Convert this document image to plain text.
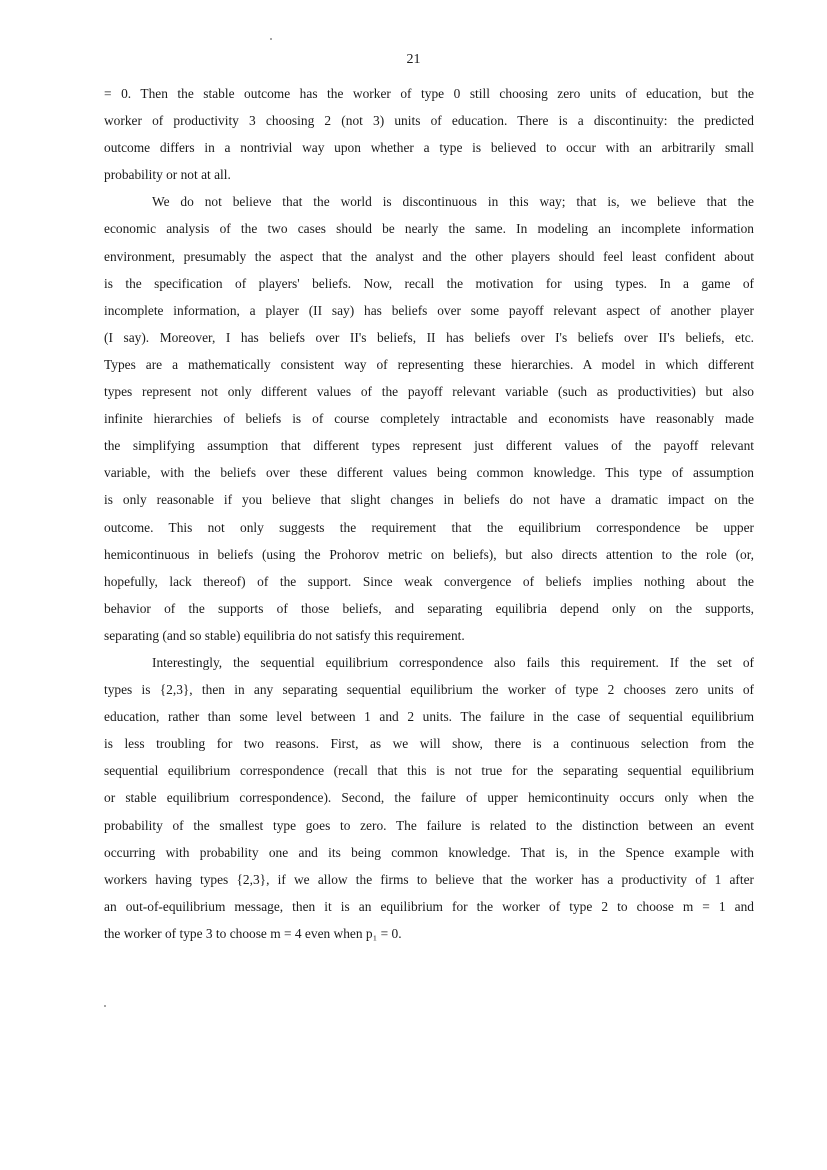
21
= 0. Then the stable outcome has the worker of type 0 still choosing zero units of education, but the
worker of productivity 3 choosing 2 (not 3) units of education. There is a discontinuity: the predicted
outcome differs in a nontrivial way upon whether a type is believed to occur with an arbitrarily small
probability or not at all.
We do not believe that the world is discontinuous in this way; that is, we believe that the
economic analysis of the two cases should be nearly the same. In modeling an incomplete information
environment, presumably the aspect that the analyst and the other players should feel least confident about
is the specification of players' beliefs. Now, recall the motivation for using types. In a game of
incomplete information, a player (II say) has beliefs over some payoff relevant aspect of another player
(I say). Moreover, I has beliefs over II's beliefs, II has beliefs over I's beliefs over II's beliefs, etc.
Types are a mathematically consistent way of representing these hierarchies. A model in which different
types represent not only different values of the payoff relevant variable (such as productivities) but also
infinite hierarchies of beliefs is of course completely intractable and economists have reasonably made
the simplifying assumption that different types represent just different values of the payoff relevant
variable, with the beliefs over these different values being common knowledge. This type of assumption
is only reasonable if you believe that slight changes in beliefs do not have a dramatic impact on the
outcome. This not only suggests the requirement that the equilibrium correspondence be upper
hemicontinuous in beliefs (using the Prohorov metric on beliefs), but also directs attention to the role (or,
hopefully, lack thereof) of the support. Since weak convergence of beliefs implies nothing about the
behavior of the supports of those beliefs, and separating equilibria depend only on the supports,
separating (and so stable) equilibria do not satisfy this requirement.
Interestingly, the sequential equilibrium correspondence also fails this requirement. If the set of
types is {2,3}, then in any separating sequential equilibrium the worker of type 2 chooses zero units of
education, rather than some level between 1 and 2 units. The failure in the case of sequential equilibrium
is less troubling for two reasons. First, as we will show, there is a continuous selection from the
sequential equilibrium correspondence (recall that this is not true for the separating sequential equilibrium
or stable equilibrium correspondence). Second, the failure of upper hemicontinuity occurs only when the
probability of the smallest type goes to zero. The failure is related to the distinction between an event
occurring with probability one and its being common knowledge. That is, in the Spence example with
workers having types {2,3}, if we allow the firms to believe that the worker has a productivity of 1 after
an out-of-equilibrium message, then it is an equilibrium for the worker of type 2 to choose m = 1 and
the worker of type 3 to choose m = 4 even when p₁ = 0.
